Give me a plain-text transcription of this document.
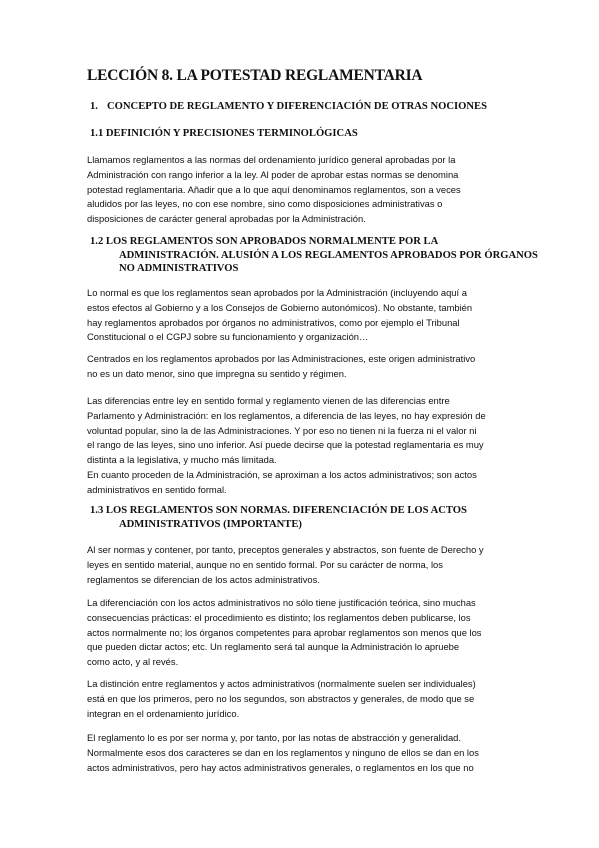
LECCIÓN 8. LA POTESTAD REGLAMENTARIA
1. CONCEPTO DE REGLAMENTO Y DIFERENCIACIÓN DE OTRAS NOCIONES
1.1 DEFINICIÓN Y PRECISIONES TERMINOLÓGICAS
Llamamos reglamentos a las normas del ordenamiento jurídico general aprobadas por la
Administración con rango inferior a la ley. Al poder de aprobar estas normas se denomina
potestad reglamentaria. Añadir que a lo que aquí denominamos reglamentos, son a veces
aludidos por las leyes, no con ese nombre, sino como disposiciones administrativas o
disposiciones de carácter general aprobadas por la Administración.
1.2 LOS REGLAMENTOS SON APROBADOS NORMALMENTE POR LA
ADMINISTRACIÓN. ALUSIÓN A LOS REGLAMENTOS APROBADOS POR ÓRGANOS
NO ADMINISTRATIVOS
Lo normal es que los reglamentos sean aprobados por la Administración (incluyendo aquí a
estos efectos al Gobierno y a los Consejos de Gobierno autonómicos). No obstante, también
hay reglamentos aprobados por órganos no administrativos, como por ejemplo el Tribunal
Constitucional o el CGPJ sobre su funcionamiento y organización…
Centrados en los reglamentos aprobados por las Administraciones, este origen administrativo
no es un dato menor, sino que impregna su sentido y régimen.
Las diferencias entre ley en sentido formal y reglamento vienen de las diferencias entre
Parlamento y Administración: en los reglamentos, a diferencia de las leyes, no hay expresión de
voluntad popular, sino la de las Administraciones. Y por eso no tienen ni la fuerza ni el valor ni
el rango de las leyes, sino uno inferior. Así puede decirse que la potestad reglamentaria es muy
distinta a la legislativa, y mucho más limitada.
En cuanto proceden de la Administración, se aproximan a los actos administrativos; son actos
administrativos en sentido formal.
1.3 LOS REGLAMENTOS SON NORMAS. DIFERENCIACIÓN DE LOS ACTOS
ADMINISTRATIVOS (IMPORTANTE)
Al ser normas y contener, por tanto, preceptos generales y abstractos, son fuente de Derecho y
leyes en sentido material, aunque no en sentido formal. Por su carácter de norma, los
reglamentos se diferencian de los actos administrativos.
La diferenciación con los actos administrativos no sólo tiene justificación teórica, sino muchas
consecuencias prácticas: el procedimiento es distinto; los reglamentos deben publicarse, los
actos normalmente no; los órganos competentes para aprobar reglamentos son menos que los
que pueden dictar actos; etc. Un reglamento será tal aunque la Administración lo apruebe
como acto, y al revés.
La distinción entre reglamentos y actos administrativos (normalmente suelen ser individuales)
está en que los primeros, pero no los segundos, son abstractos y generales, de modo que se
integran en el ordenamiento jurídico.
El reglamento lo es por ser norma y, por tanto, por las notas de abstracción y generalidad.
Normalmente esos dos caracteres se dan en los reglamentos y ninguno de ellos se dan en los
actos administrativos, pero hay actos administrativos generales, o reglamentos en los que no
